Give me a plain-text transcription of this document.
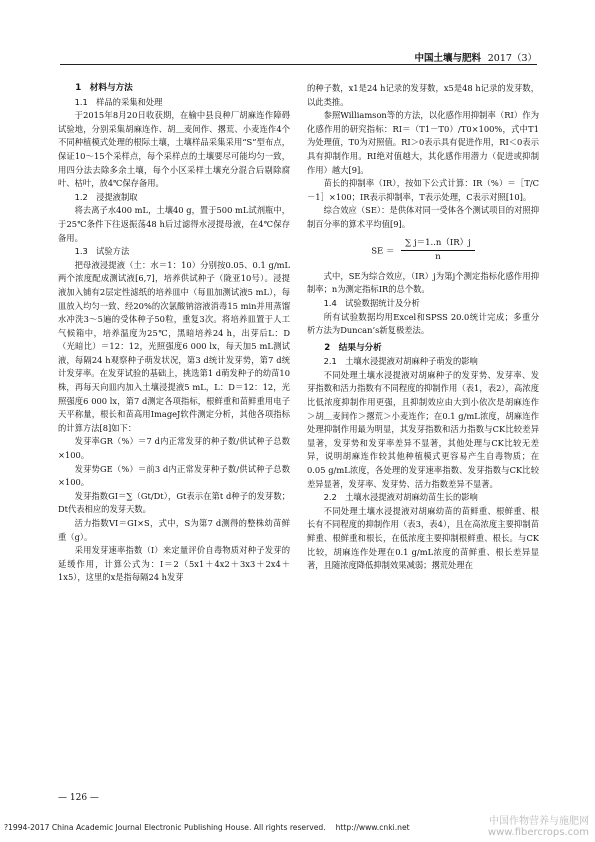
中国土壤与肥料 2017（3）

1　材料与方法

1.1　样品的采集和处理

于2015年8月20日收获期，在榆中县良种厂胡麻连作障碍试验地，分别采集胡麻连作、胡＿麦间作、撂荒、小麦连作4个不同种植模式处理的根际土壤，土壤样品采集采用“S”型布点，保证10～15个采样点，每个采样点的土壤要尽可能均匀一致，用四分法去除多余土壤，每个小区采样土壤充分混合后剔除腐叶、枯叶，放4℃保存备用。

1.2　浸提液制取

将去离子水400 mL，土壤40 g，置于500 mL试剂瓶中，于25℃条件下往返振荡48 h后过滤得水浸提母液，在4℃保存备用。

1.3　试验方法

把母液浸提液（土：水＝1：10）分别按0.05、0.1 g/mL两个浓度配成测试液[6,7]，培养供试种子（陇亚10号）。浸提液加入铺有2层定性滤纸的培养皿中（每皿加测试液5 mL），每皿放入均匀一致、经20%的次氯酸钠溶液消毒15 min并用蒸馏水冲洗3～5遍的受体种子50粒，重复3次。将培养皿置于人工气候箱中，培养温度为25℃，黑暗培养24 h，出芽后L：D（光暗比）＝12：12，光照强度6 000 lx，每天加5 mL测试液，每隔24 h观察种子萌发状况，第3 d统计发芽势，第7 d统计发芽率。在发芽试验的基础上，挑选第1 d萌发种子的幼苗10株，再每天向皿内加入土壤浸提液5 mL，L：D＝12：12，光照强度6 000 lx，第7 d测定各项指标，根鲜重和苗鲜重用电子天平称量，根长和苗高用ImageJ软件测定分析，其他各项指标的计算方法[8]如下：

发芽率GR（%）＝7 d内正常发芽的种子数/供试种子总数×100。

发芽势GE（%）＝前3 d内正常发芽种子数/供试种子总数×100。

发芽指数GI＝∑（Gt/Dt），Gt表示在第t d种子的发芽数；Dt代表相应的发芽天数。

活力指数VI＝GI×S，式中，S为第7 d测得的整株幼苗鲜重（g）。

采用发芽速率指数（I）来定量评价自毒物质对种子发芽的延缓作用，计算公式为：I＝2（5x1＋4x2＋3x3＋2x4＋1x5），这里的x是指每隔24 h发芽

的种子数，x1是24 h记录的发芽数，x5是48 h记录的发芽数，以此类推。

参照Williamson等的方法，以化感作用抑制率（RI）作为化感作用的研究指标：RI＝（T1－T0）/T0×100%，式中T1为处理值，T0为对照值。RI＞0表示具有促进作用，RI＜0表示具有抑制作用。RI绝对值越大，其化感作用潜力（促进或抑制作用）越大[9]。

苗长的抑制率（IR），按如下公式计算：IR（%）＝［T/C－1］×100；IR表示抑制率，T表示处理，C表示对照[10]。

综合效应（SE）：是供体对同一受体各个测试项目的对照抑制百分率的算术平均值[9]。

SE ＝ $\frac{\sum j=1..n(IR)j}{n}$

式中，SE为综合效应，（IR）j为第j个测定指标化感作用抑制率；n为测定指标IR的总个数。

1.4　试验数据统计及分析

所有试验数据均用Excel和SPSS 20.0统计完成；多重分析方法为Duncan’s新复极差法。

2　结果与分析

2.1　土壤水浸提液对胡麻种子萌发的影响

不同处理土壤水浸提液对胡麻种子的发芽势、发芽率、发芽指数和活力指数有不同程度的抑制作用（表1，表2），高浓度比低浓度抑制作用更强，且抑制效应由大到小依次是胡麻连作＞胡＿麦间作＞撂荒＞小麦连作；在0.1 g/mL浓度，胡麻连作处理抑制作用最为明显，其发芽指数和活力指数与CK比较差异显著，发芽势和发芽率差异不显著，其他处理与CK比较无差异，说明胡麻连作较其他种植模式更容易产生自毒物质；在0.05 g/mL浓度，各处理的发芽速率指数、发芽指数与CK比较差异显著，发芽率、发芽势、活力指数差异不显著。

2.2　土壤水浸提液对胡麻幼苗生长的影响

不同处理土壤水浸提液对胡麻幼苗的苗鲜重、根鲜重、根长有不同程度的抑制作用（表3，表4），且在高浓度主要抑制苗鲜重、根鲜重和根长，在低浓度主要抑制根鲜重、根长。与CK比较，胡麻连作处理在0.1 g/mL浓度的苗鲜重、根长差异显著，且随浓度降低抑制效果减弱；撂荒处理在

— 126 —
?1994-2017 China Academic Journal Electronic Publishing House. All rights reserved.　 http://www.cnki.net
中国作物营养与施肥网
www.fibercrops.com
